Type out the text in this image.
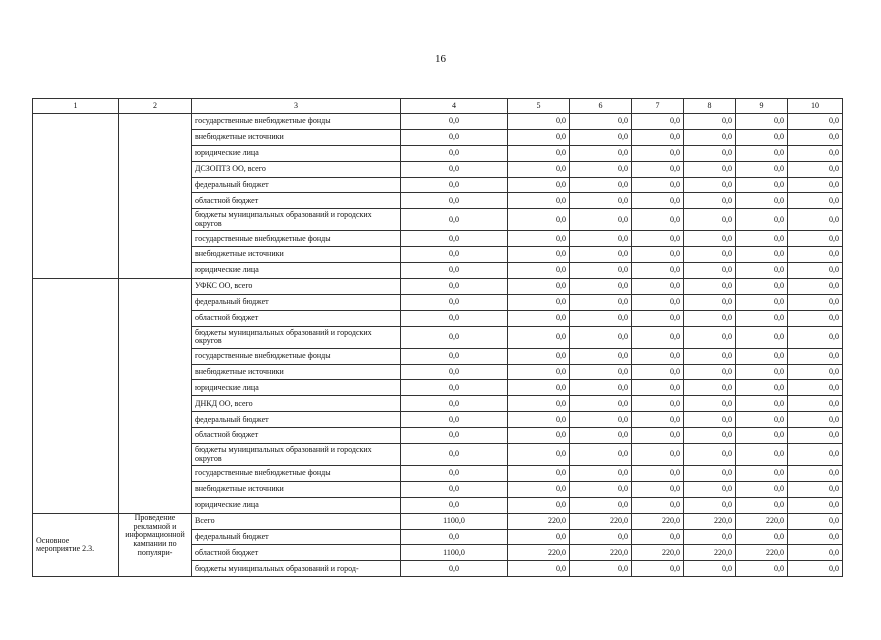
16
1	2	3	4	5	6	7	8	9	10
		государственные внебюджетные фонды	0,0	0,0	0,0	0,0	0,0	0,0	0,0
		внебюджетные источники	0,0	0,0	0,0	0,0	0,0	0,0	0,0
		юридические лица	0,0	0,0	0,0	0,0	0,0	0,0	0,0
		ДСЗОПТЗ ОО, всего	0,0	0,0	0,0	0,0	0,0	0,0	0,0
		федеральный бюджет	0,0	0,0	0,0	0,0	0,0	0,0	0,0
		областной бюджет	0,0	0,0	0,0	0,0	0,0	0,0	0,0
		бюджеты муниципальных образований и городских округов	0,0	0,0	0,0	0,0	0,0	0,0	0,0
		государственные внебюджетные фонды	0,0	0,0	0,0	0,0	0,0	0,0	0,0
		внебюджетные источники	0,0	0,0	0,0	0,0	0,0	0,0	0,0
		юридические лица	0,0	0,0	0,0	0,0	0,0	0,0	0,0
		УФКС ОО, всего	0,0	0,0	0,0	0,0	0,0	0,0	0,0
		федеральный бюджет	0,0	0,0	0,0	0,0	0,0	0,0	0,0
		областной бюджет	0,0	0,0	0,0	0,0	0,0	0,0	0,0
		бюджеты муниципальных образований и городских округов	0,0	0,0	0,0	0,0	0,0	0,0	0,0
		государственные внебюджетные фонды	0,0	0,0	0,0	0,0	0,0	0,0	0,0
		внебюджетные источники	0,0	0,0	0,0	0,0	0,0	0,0	0,0
		юридические лица	0,0	0,0	0,0	0,0	0,0	0,0	0,0
		ДНКД ОО, всего	0,0	0,0	0,0	0,0	0,0	0,0	0,0
		федеральный бюджет	0,0	0,0	0,0	0,0	0,0	0,0	0,0
		областной бюджет	0,0	0,0	0,0	0,0	0,0	0,0	0,0
		бюджеты муниципальных образований и городских округов	0,0	0,0	0,0	0,0	0,0	0,0	0,0
		государственные внебюджетные фонды	0,0	0,0	0,0	0,0	0,0	0,0	0,0
		внебюджетные источники	0,0	0,0	0,0	0,0	0,0	0,0	0,0
		юридические лица	0,0	0,0	0,0	0,0	0,0	0,0	0,0
Основное мероприятие 2.3.	Проведение рекламной и информационной кампании по популяри-	Всего	1100,0	220,0	220,0	220,0	220,0	220,0	0,0
		федеральный бюджет	0,0	0,0	0,0	0,0	0,0	0,0	0,0
		областной бюджет	1100,0	220,0	220,0	220,0	220,0	220,0	0,0
		бюджеты муниципальных образований и город-	0,0	0,0	0,0	0,0	0,0	0,0	0,0
